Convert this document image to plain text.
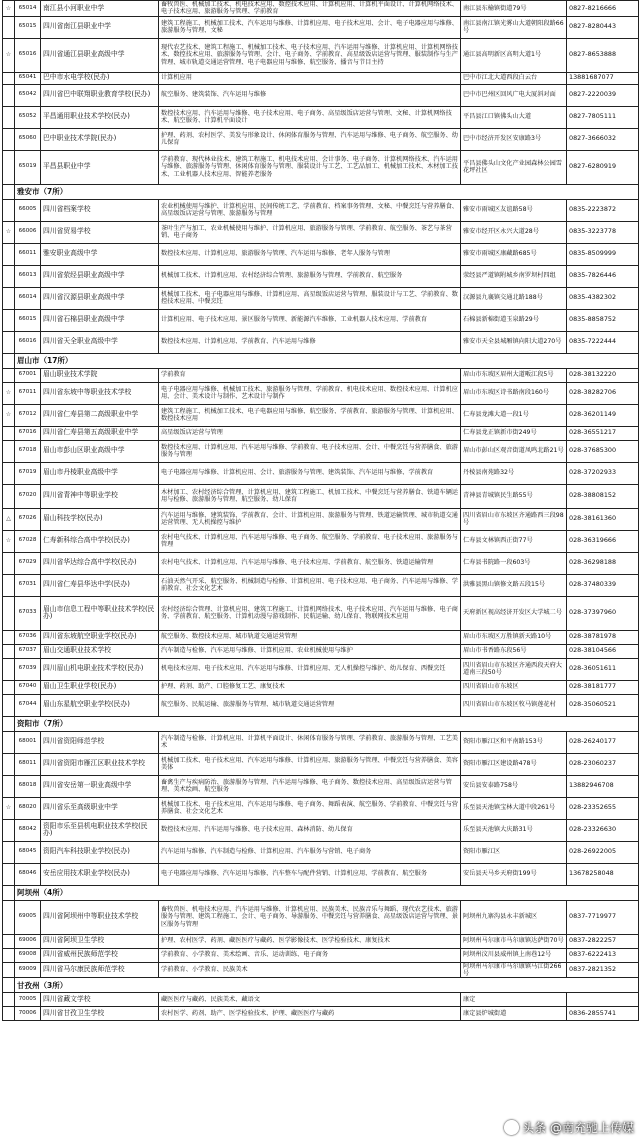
☆	65014	南江县小河职业中学	畜牧兽医、机械加工技术、机电技术应用、数控技术应用、计算机应用、计算机平面设计、计算机网络技术、电子技术应用、旅游服务与管理、学前教育	南江县东榆镇街道79号	0827-8216666
	65015	四川省南江县职业中学	建筑工程施工、机械加工技术、汽车运用与维修、计算机应用、电子技术应用、会计、电子电器应用与维修、旅游服务与管理、文秘	南江县南江镇光雾山大道朝阳段路66号	0827-8280443
☆	65016	四川省通江县职业高级中学	现代农艺技术、建筑工程施工、机械加工技术、电子技术应用、汽车运用与维修、计算机应用、计算机网络技术、数控技术应用、旅游服务与管理、会计、电子商务、学前教育、高星级饭店运营与管理、服装制作与生产管理、城市轨道交通运营管理、电子电器应用与维修、航空服务、播音与节目主持	通江县高明新区高明大道1号	0827-8653888
	65041	巴中市水电学校(民办)	计算机应用	巴中市江北大道西段白云台	13881687077
	65042	四川省巴中联翔职业教育学校(民办)	航空服务、建筑装饰、汽车运用与维修	巴中市巴州区回风广电大厦斜对面	0827-2220039
	65052	平昌通用职业技术学校(民办)	数控技术应用、汽车运用与维修、电子技术应用、电子商务、高星级饭店运营与管理、文秘、计算机网络技术、航空服务、计算机平面设计	平昌县江口镇佛头山大道	0827-7805111
	65060	巴中职业技术学院(民办)	护理、药剂、农村医学、美发与形象设计、休闲体育服务与管理、汽车运用与维修、电子商务、航空服务、幼儿保育	巴中市经济开发区安康路3号	0827-3666032
	65019	平昌县职业中学	学前教育、现代林业技术、建筑工程施工、机电技术应用、会计事务、电子商务、计算机网络技术、汽车运用与维修、旅游服务与管理、休闲体育服务与管理、服装设计与工艺、工艺品加工、机械加工技术、木材加工技术、工业机器人技术应用、智能养老服务	平昌县佛头山文化产业园森林公园雪花坪社区	0827-6280919
	雅安市（7所）				
	66005	四川省档案学校	农业机械使用与维护、计算机应用、民间传统工艺、学前教育、档案事务管理、文秘、中餐烹饪与营养膳食、高星级饭店运营与管理、旅游服务与管理	雅安市雨城区友谊路58号	0835-2223872
☆	66006	四川省贸易学校	茶叶生产与加工、农业机械使用与维护、计算机应用、旅游服务与管理、学前教育、航空服务、茶艺与茶营销、电子商务	雅安市经开区永兴大道28号	0835-3223778
	66011	雅安职业高级中学	数控技术应用、计算机应用、旅游服务与管理、汽车运用与维修、老年人服务与管理	雅安市雨城区康藏路685号	0835-8509999
	66013	四川省荥经县职业高级中学	机械加工技术、计算机应用、农村经济综合管理、旅游服务与管理、学前教育、航空服务	荥经县严道镇附城乡南罗坝村四组	0835-7826446
	66014	四川省汉源县职业高级中学	机械加工技术、电子电器应用与维修、计算机应用、高星级饭店运营与管理、服装设计与工艺、学前教育、数控技术应用、中餐烹饪	汉源县九襄镇交通北路188号	0835-4382302
	66015	四川省石棉县职业高级中学	计算机应用、电子技术应用、景区服务与管理、新能源汽车维修、工业机器人技术应用、学前教育	石棉县新棉街道玉泉路29号	0835-8858752
	66016	四川省天全职业高级中学	数控技术应用、计算机应用、学前教育、汽车运用与维修	雅安市天全县城厢镇向阳大道270号	0835-7222444
	眉山市（17所）				
	67001	眉山职业技术学院	学前教育	眉山市东坡区眉州大道畈江段5号	028-38132220
☆	67011	四川省东坡中等职业技术学校	电子电器应用与维修、机械加工技术、旅游服务与管理、学前教育、机电技术应用、数控技术应用、计算机应用、会计、美术设计与制作、艺术设计与制作	眉山市东坡区诗书路南段160号	028-38282706
☆	67012	四川省仁寿县第二高级职业中学	建筑工程施工、机械加工技术、电子电器应用与维修、航空服务、学前教育、旅游服务与管理、计算机应用、数控技术应用	仁寿县龙滩大道一段1号	028-36201149
	67016	四川省仁寿县第五高级职业中学	高星级饭店运营与管理	仁寿县龙正镇新市街249号	028-36551217
	67018	眉山市彭山区职业高级中学	数控技术应用、计算机应用、汽车运用与维修、学前教育、电子技术应用、会计、中餐烹饪与营养膳食、旅游服务与管理	眉山市彭山区观音街道凤鸣北路21号	028-37685300
	67019	眉山市丹棱职业高级中学	电子电器应用与维修、计算机应用、会计、旅游服务与管理、建筑装饰、汽车运用与维修、学前教育	丹棱县南苑路32号	028-37202933
	67020	四川省青神中等职业学校	木材加工、农村经济综合管理、计算机应用、建筑工程施工、机加工技术、中餐烹饪与营养膳食、铁道车辆运用与检修、旅游服务与管理、航空服务、幼儿保育	青神县青城镇民生路55号	028-38808152
△	67026	眉山科技学校(民办)	汽车运用与维修、建筑装饰、学前教育、会计、计算机应用、旅游服务与管理、铁道运输管理、城市轨道交通运营管理、无人机操控与维护	四川省眉山市东坡区齐通路西三段98号	028-38161360
☆	67028	仁寿新科综合高中学校(民办)	农村电气技术、计算机应用、汽车运用与维修、电子商务、航空服务、学前教育、电子技术应用、旅游服务与管理	仁寿县文林镇西正街77号	028-36319666
	67029	四川省华达综合高中学校(民办)	农村电气技术、计算机应用、汽车运用与维修、电子技术应用、学前教育、航空服务、铁道运输管理	仁寿县书院路一段603号	028-36298188
	67031	四川省仁寿县华达中学(民办)	石油天然气开采、航空服务、机械制造与检修、计算机应用、电子技术应用、电子商务、汽车运用与维修、学前教育、社会文化艺术	洪雅县黑山镇修文路五段15号	028-37480339
	67033	眉山市信息工程中等职业技术学校(民办)	农村经济综合管理、计算机应用、建筑工程施工、计算机网络技术、电子技术应用、汽车运用与维修、电子商务、学前教育、航空服务、计算机动漫与游戏制作、民航运输、幼儿保育、物联网技术应用	天府新区视高经济开发区大学城二号	028-37397960
	67036	四川省东坡航空职业学校(民办)	航空服务、数控技术应用、城市轨道交通运营管理	眉山市东坡区万胜镇新天路10号	028-38781978
	67037	眉山交通职业技术学校	汽车制造与检修、汽车运用与维修、计算机应用、农业机械使用与维护	眉山市书香路东段56号	028-38104566
	67039	四川眉山机电职业技术学校(民办)	机电技术应用、电子技术应用、汽车运用与维修、计算机应用、无人机操控与维护、幼儿保育、西餐烹饪	四川省眉山市东坡区齐通西段天府大道南三段50号	028-36051611
	67040	眉山卫生职业学校(民办)	护理、药剂、助产、口腔修复工艺、康复技术	四川省眉山市东坡区	028-38181777
	67044	眉山东星航空职业学校(民办)	航空服务、民航运输、旅游服务与管理、城市轨道交通运营管理	四川省眉山市东坡区牧马镇莲花村	028-35060521
	资阳市（7所）				
	68001	四川省资阳师范学校	汽车制造与检修、计算机应用、计算机平面设计、休闲体育服务与管理、学前教育、旅游服务与管理、工艺美术	资阳市雁江区和平南路153号	028-26240177
	68011	四川省资阳市雁江区职业技术学校	机械加工技术、电子技术应用、汽车运用与维修、计算机应用、旅游服务与管理、中餐烹饪与营养膳食、美容美体	资阳市雁江区建设路478号	028-23060237
	68018	四川省安岳第一职业高级中学	畜禽生产与疾病防治、旅游服务与管理、汽车运用与维修、电子商务、数控技术应用、高星级饭店运营与管理、美术绘画、航空服务	安岳县安泰路758号	13882946708
☆	68020	四川省乐至高级职业中学	机械加工技术、电子技术应用、汽车运用与维修、电子商务、舞蹈表演、航空服务、学前教育、中餐烹饪与营养膳食、社会文化艺术	乐至县天池镇宝林大道中段261号	028-23352655
	68042	资阳市乐至县机电职业技术学校(民办)	数控技术应用、汽车运用与维修、电子技术应用、森林消防、幼儿保育	乐至县天池镇大庆路31号	028-23326630
	68045	资阳汽车科技职业学校(民办)	汽车运用与维修、汽车制造与检修、计算机应用、汽车服务与营销、电子商务	资阳市雁江区	028-26922005
	68046	安岳应用技术职业学校(民办)	电子电器应用与维修、汽车运用与维修、汽车整车与配件营销、计算机应用、学前教育、航空服务	安岳县天马乡天府街199号	13678258048
	阿坝州（4所）				
	69005	四川省阿坝州中等职业技术学校	畜牧兽医、机电技术应用、汽车运用与维修、计算机应用、民族美术、民族音乐与舞蹈、现代农艺技术、旅游服务与管理、建筑工程施工、会计、电子商务、导游服务、中餐烹饪与营养膳食、高星级饭店运营与管理、景区服务与管理	阿坝州九寨沟县永丰新城区	0837-7719977
	69006	四川省阿坝卫生学校	护理、农村医学、药剂、藏医医疗与藏药、医学影像技术、医学检验技术、康复技术	阿坝州马尔康市马尔康镇达萨街70号	0837-2822257
	69008	四川省威州民族师范学校	学前教育、小学教育、美术绘画、音乐、运动训练、电子商务	阿坝州汶川县威州镇上南巷12号	0837-6222413
	69009	四川省马尔康民族师范学校	学前教育、小学教育、民族美术	阿坝州马尔康市马尔康镇马江街266号	0837-2821352
	甘孜州（3所）				
	70005	四川省藏文学校	藏医医疗与藏药、民族美术、藏语文	康定	
	70006	四川省甘孜卫生学校	农村医学、药剂、助产、医学检验技术、护理、藏医医疗与藏药	康定县炉城街道	0836-2855741
头条 @南充驰上传媒
